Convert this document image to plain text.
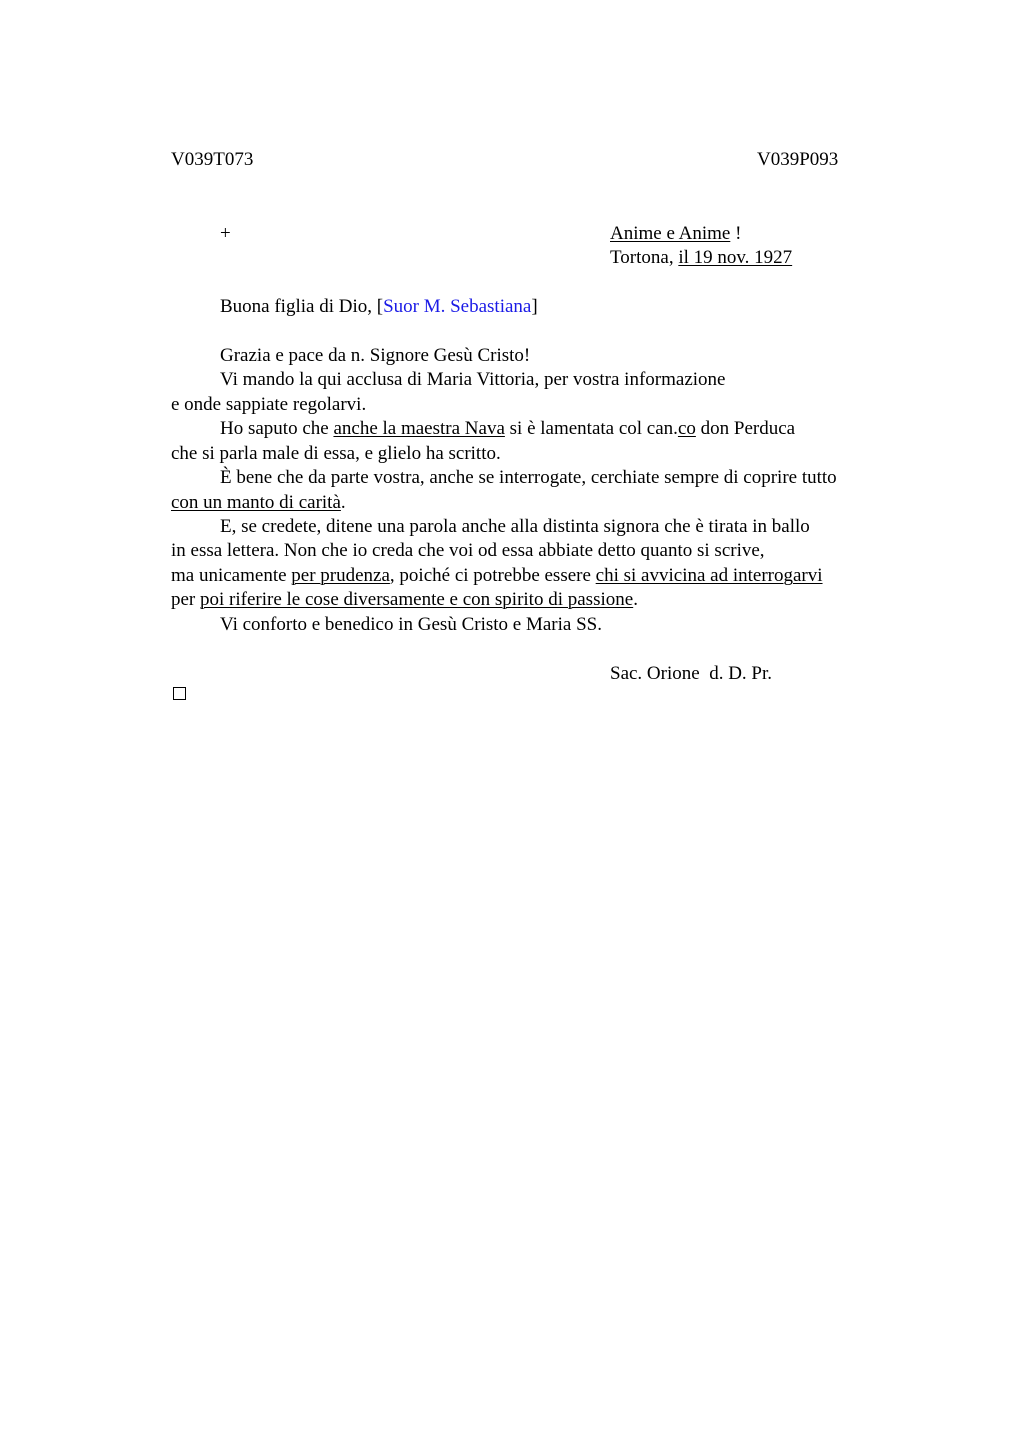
V039T073	V039P093
+	Anime e Anime !
Tortona, il 19 nov. 1927
Buona figlia di Dio, [Suor M. Sebastiana]
Grazia e pace da n. Signore Gesù Cristo!
Vi mando la qui acclusa di Maria Vittoria, per vostra informazione
e onde sappiate regolarvi.
Ho saputo che anche la maestra Nava si è lamentata col can.co don Perduca
che si parla male di essa, e glielo ha scritto.
È bene che da parte vostra, anche se interrogate, cerchiate sempre di coprire tutto
con un manto di carità.
E, se credete, ditene una parola anche alla distinta signora che è tirata in ballo
in essa lettera. Non che io creda che voi od essa abbiate detto quanto si scrive,
ma unicamente per prudenza, poiché ci potrebbe essere chi si avvicina ad interrogarvi
per poi riferire le cose diversamente e con spirito di passione.
Vi conforto e benedico in Gesù Cristo e Maria SS.
Sac. Orione  d. D. Pr.
